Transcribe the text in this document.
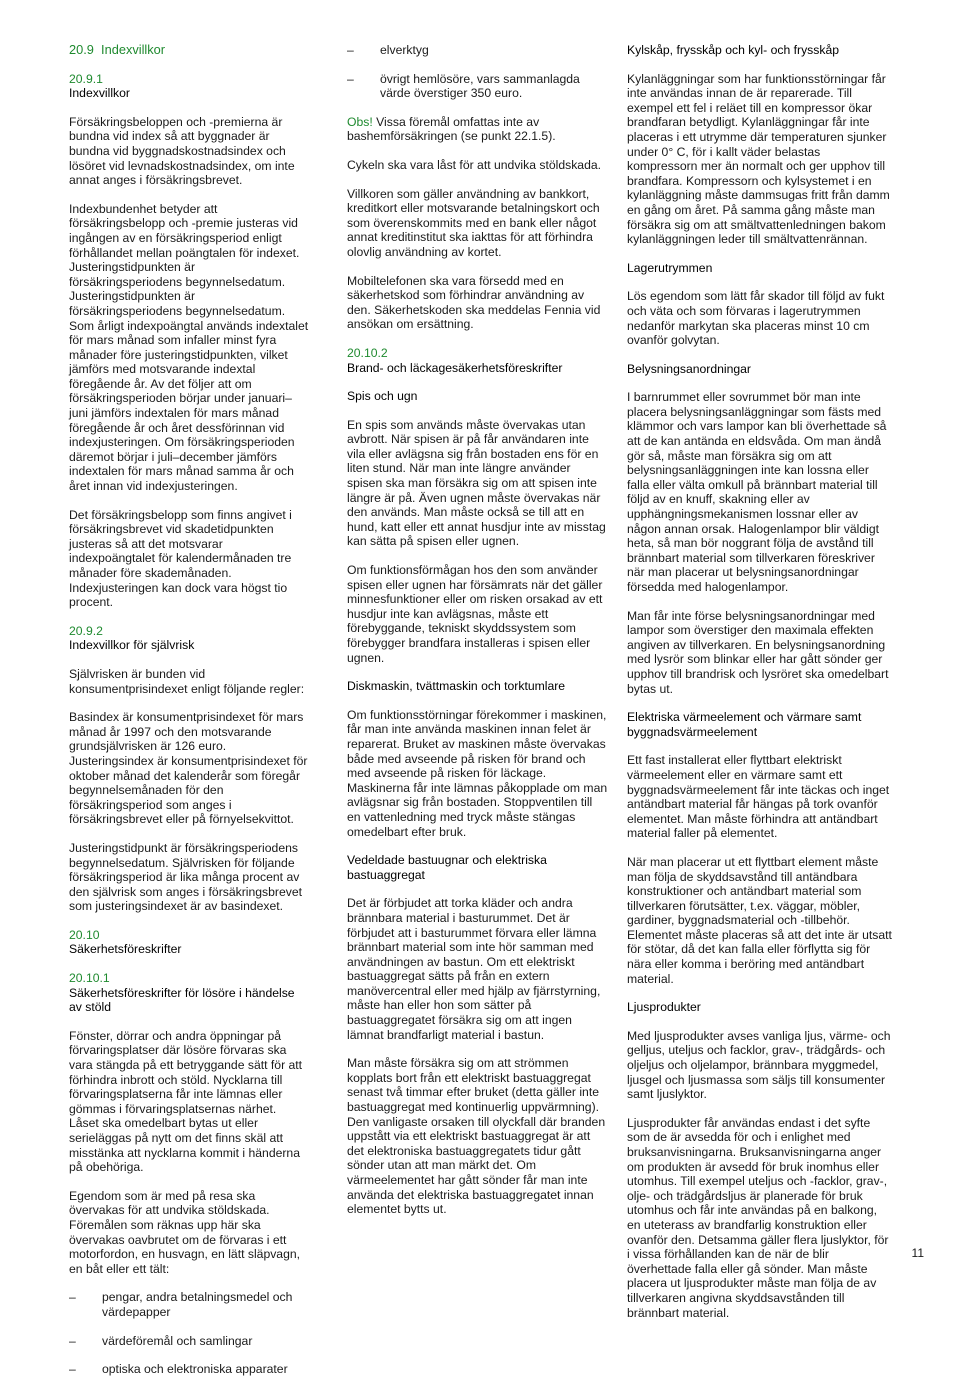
20.9 Indexvillkor
20.9.1
Indexvillkor

Försäkringsbeloppen och -premierna är bundna vid index så att byggnader är bundna vid byggnadskostnadsindex och lösöret vid levnadskostnadsindex, om inte annat anges i försäkringsbrevet.

Indexbundenhet betyder att försäkringsbelopp och -premie justeras vid ingången av en försäkringsperiod enligt förhållandet mellan poängtalen för indexet. Justeringstidpunkten är försäkringsperiodens begynnelsedatum. Justeringstidpunkten är försäkringsperiodens begynnelsedatum. Som årligt indexpoängtal används indextalet för mars månad som infaller minst fyra månader före justeringstidpunkten, vilket jämförs med motsvarande indextal föregående år. Av det följer att om försäkringsperioden börjar under januari–juni jämförs indextalen för mars månad föregående år och året dessförinnan vid indexjusteringen. Om försäkringsperioden däremot börjar i juli–december jämförs indextalen för mars månad samma år och året innan vid indexjusteringen.

Det försäkringsbelopp som finns angivet i försäkringsbrevet vid skadetidpunkten justeras så att det motsvarar indexpoängtalet för kalendermånaden tre månader före skademånaden. Indexjusteringen kan dock vara högst tio procent.

20.9.2
Indexvillkor för självrisk

Självrisken är bunden vid konsumentprisindexet enligt följande regler:

Basindex är konsumentprisindexet för mars månad år 1997 och den motsvarande grundsjälvrisken är 126 euro. Justeringsindex är konsumentprisindexet för oktober månad det kalenderår som föregår begynnelsemånaden för den försäkringsperiod som anges i försäkringsbrevet eller på förnyelsekvittot.

Justeringstidpunkt är försäkringsperiodens begynnelsedatum. Självrisken för följande försäkringsperiod är lika många procent av den självrisk som anges i försäkringsbrevet som justeringsindexet är av basindexet.

20.10
Säkerhetsföreskrifter
20.10.1
Säkerhetsföreskrifter för lösöre i händelse av stöld

Fönster, dörrar och andra öppningar på förvaringsplatser där lösöre förvaras ska vara stängda på ett betryggande sätt för att förhindra inbrott och stöld. Nycklarna till förvaringsplatserna får inte lämnas eller gömmas i förvaringsplatsernas närhet. Låset ska omedelbart bytas ut eller serieläggas på nytt om det finns skäl att misstänka att nycklarna kommit i händerna på obehöriga.

Egendom som är med på resa ska övervakas för att undvika stöldskada. Föremålen som räknas upp här ska övervakas oavbrutet om de förvaras i ett motorfordon, en husvagn, en lätt släpvagn, en båt eller ett tält:

– pengar, andra betalningsmedel och värdepapper
– värdeföremål och samlingar
– optiska och elektroniska apparater
– elverktyg
– övrigt hemlösöre, vars sammanlagda värde överstiger 350 euro.

Obs! Vissa föremål omfattas inte av bashemförsäkringen (se punkt 22.1.5).

Cykeln ska vara låst för att undvika stöldskada.

Villkoren som gäller användning av bankkort, kreditkort eller motsvarande betalningskort och som överenskommits med en bank eller något annat kreditinstitut ska iakttas för att förhindra olovlig användning av kortet.

Mobiltelefonen ska vara försedd med en säkerhetskod som förhindrar användning av den. Säkerhetskoden ska meddelas Fennia vid ansökan om ersättning.

20.10.2
Brand- och läckagesäkerhetsföreskrifter
Spis och ugn

En spis som används måste övervakas utan avbrott. När spisen är på får användaren inte vila eller avlägsna sig från bostaden ens för en liten stund. När man inte längre använder spisen ska man försäkra sig om att spisen inte längre är på. Även ugnen måste övervakas när den används. Man måste också se till att en hund, katt eller ett annat husdjur inte av misstag kan sätta på spisen eller ugnen.

Om funktionsförmågan hos den som använder spisen eller ugnen har försämrats när det gäller minnesfunktioner eller om risken orsakad av ett husdjur inte kan avlägsnas, måste ett förebyggande, tekniskt skyddssystem som förebygger brandfara installeras i spisen eller ugnen.

Diskmaskin, tvättmaskin och torktumlare

Om funktionsstörningar förekommer i maskinen, får man inte använda maskinen innan felet är reparerat. Bruket av maskinen måste övervakas både med avseende på risken för brand och med avseende på risken för läckage. Maskinerna får inte lämnas påkopplade om man avlägsnar sig från bostaden. Stoppventilen till en vattenledning med tryck måste stängas omedelbart efter bruk.

Vedeldade bastuugnar och elektriska bastuaggregat

Det är förbjudet att torka kläder och andra brännbara material i basturummet. Det är förbjudet att i basturummet förvara eller lämna brännbart material som inte hör samman med användningen av bastun. Om ett elektriskt bastuaggregat sätts på från en extern manövercentral eller med hjälp av fjärrstyrning, måste han eller hon som sätter på bastuaggregatet försäkra sig om att ingen lämnat brandfarligt material i bastun.

Man måste försäkra sig om att strömmen kopplats bort från ett elektriskt bastuaggregat senast två timmar efter bruket (detta gäller inte bastuaggregat med kontinuerlig uppvärmning). Den vanligaste orsaken till olyckfall där branden uppstått via ett elektriskt bastuaggregat är att det elektroniska bastuaggregatets tidur gått sönder utan att man märkt det. Om värmeelementet har gått sönder får man inte använda det elektriska bastuaggregatet innan elementet bytts ut.

Kylskåp, frysskåp och kyl- och frysskåp

Kylanläggningar som har funktionsstörningar får inte användas innan de är reparerade. Till exempel ett fel i reläet till en kompressor ökar brandfaran betydligt. Kylanläggningar får inte placeras i ett utrymme där temperaturen sjunker under 0° C, för i kallt väder belastas kompressorn mer än normalt och ger upphov till brandfara. Kompressorn och kylsystemet i en kylanläggning måste dammsugas fritt från damm en gång om året. På samma gång måste man försäkra sig om att smältvattenledningen bakom kylanläggningen leder till smältvattenrännan.

Lagerutrymmen

Lös egendom som lätt får skador till följd av fukt och väta och som förvaras i lagerutrymmen nedanför markytan ska placeras minst 10 cm ovanför golvytan.

Belysningsanordningar

I barnrummet eller sovrummet bör man inte placera belysningsanläggningar som fästs med klämmor och vars lampor kan bli överhettade så att de kan antända en eldsvåda. Om man ändå gör så, måste man försäkra sig om att belysningsanläggningen inte kan lossna eller falla eller välta omkull på brännbart material till följd av en knuff, skakning eller av upphängningsmekanismen lossnar eller av någon annan orsak. Halogenlampor blir väldigt heta, så man bör noggrant följa de avstånd till brännbart material som tillverkaren föreskriver när man placerar ut belysningsanordningar försedda med halogenlampor.

Man får inte förse belysningsanordningar med lampor som överstiger den maximala effekten angiven av tillverkaren. En belysningsanordning med lysrör som blinkar eller har gått sönder ger upphov till brandrisk och lysröret ska omedelbart bytas ut.

Elektriska värmeelement och värmare samt byggnadsvärmeelement

Ett fast installerat eller flyttbart elektriskt värmeelement eller en värmare samt ett byggnadsvärmeelement får inte täckas och inget antändbart material får hängas på tork ovanför elementet. Man måste förhindra att antändbart material faller på elementet.

När man placerar ut ett flyttbart element måste man följa de skyddsavstånd till antändbara konstruktioner och antändbart material som tillverkaren förutsätter, t.ex. väggar, möbler, gardiner, byggnadsmaterial och -tillbehör. Elementet måste placeras så att det inte är utsatt för stötar, då det kan falla eller förflytta sig för nära eller komma i beröring med antändbart material.

Ljusprodukter

Med ljusprodukter avses vanliga ljus, värme- och gelljus, uteljus och facklor, grav-, trädgårds- och oljeljus och oljelampor, brännbara myggmedel, ljusgel och ljusmassa som säljs till konsumenter samt ljuslyktor.

Ljusprodukter får användas endast i det syfte som de är avsedda för och i enlighet med bruksanvisningarna. Bruksanvisningarna anger om produkten är avsedd för bruk inomhus eller utomhus. Till exempel uteljus och -facklor, grav-, olje- och trädgårdsljus är planerade för bruk utomhus och får inte användas på en balkong, en uteterass av brandfarlig konstruktion eller ovanför den. Detsamma gäller flera ljuslyktor, för i vissa förhållanden kan de när de blir överhettade falla eller gå sönder. Man måste placera ut ljusprodukter måste man följa de av tillverkaren angivna skyddsavstånden till brännbart material.

11
